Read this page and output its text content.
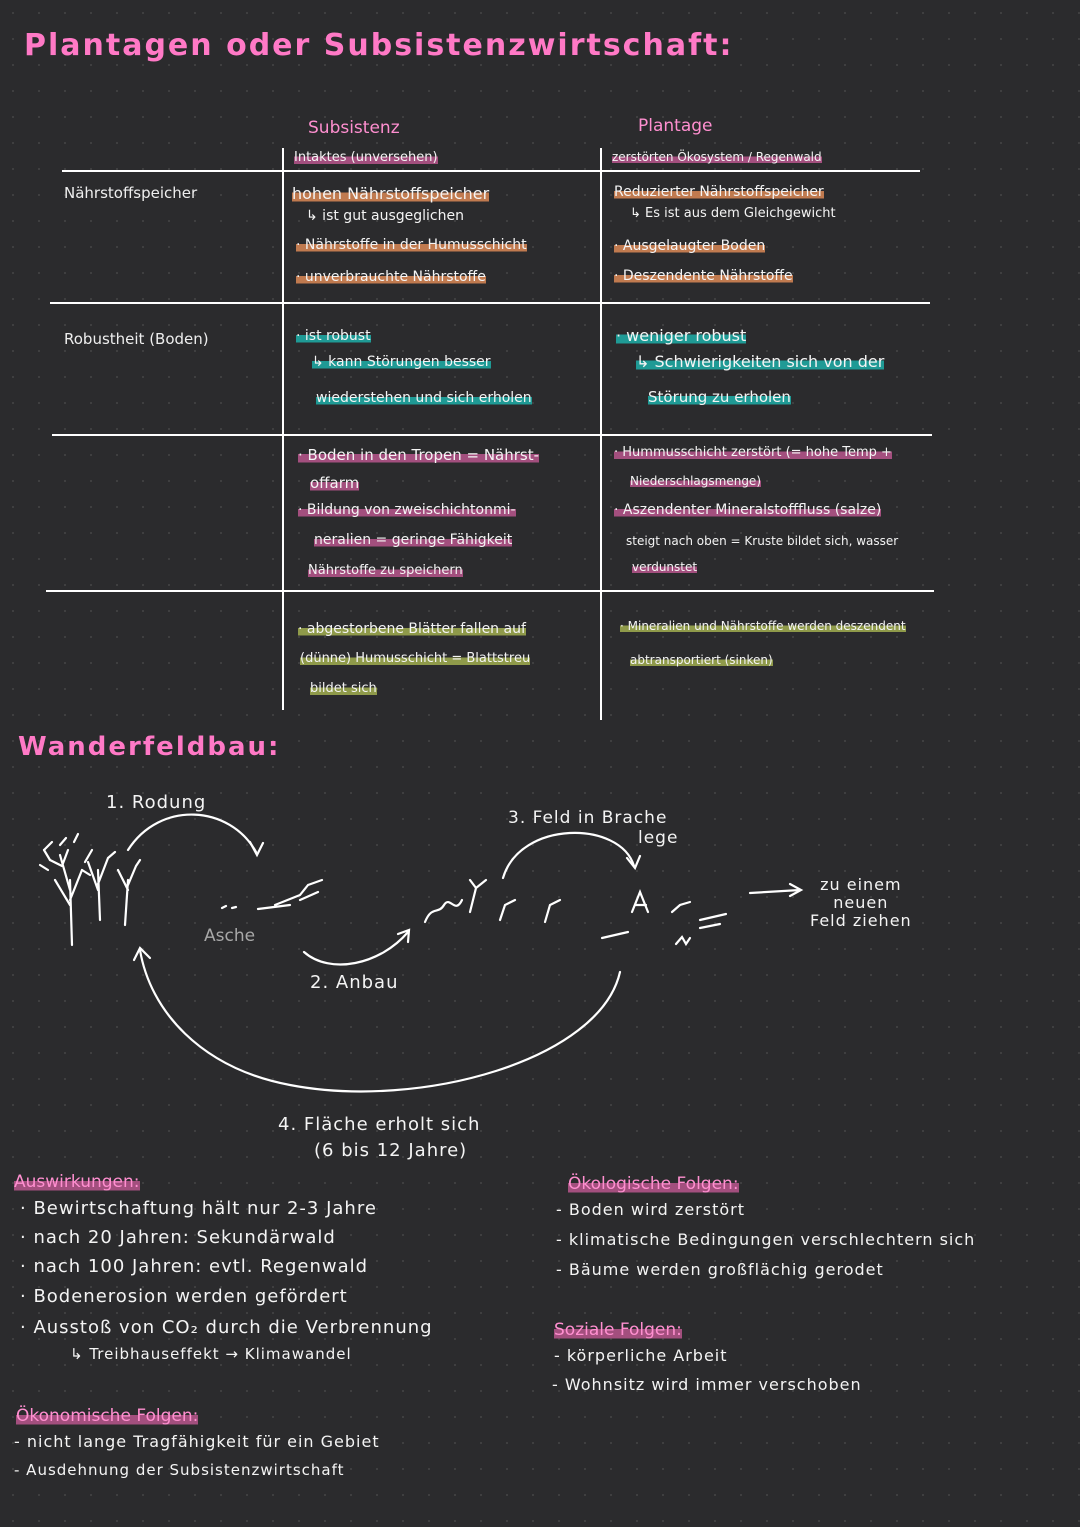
Plantagen oder Subsistenzwirtschaft:
Subsistenz	Plantage
Intaktes (unversehen)	zerstörten Ökosystem / Regenwald
Nährstoffspeicher
Robustheit (Boden)
hohen Nährstoffspeicher
↳ ist gut ausgeglichen
· Nährstoffe in der Humusschicht
· unverbrauchte Nährstoffe
Reduzierter Nährstoffspeicher
↳ Es ist aus dem Gleichgewicht
· Ausgelaugter Boden
· Deszendente Nährstoffe
· ist robust
↳ kann Störungen besser
wiederstehen und sich erholen
· weniger robust
↳ Schwierigkeiten sich von der
Störung zu erholen
· Boden in den Tropen = Nährst-
offarm
· Bildung von zweischichtonmi-
neralien = geringe Fähigkeit
Nährstoffe zu speichern
· Hummusschicht zerstört (= hohe Temp +
Niederschlagsmenge)
· Aszendenter Mineralstofffluss (salze)
steigt nach oben = Kruste bildet sich, wasser
verdunstet
· abgestorbene Blätter fallen auf
(dünne) Humusschicht = Blattstreu
bildet sich
· Mineralien und Nährstoffe werden deszendent
abtransportiert (sinken)
Wanderfeldbau:
1. Rodung
Asche
2. Anbau
3. Feld in Brache
lege
zu einem
neuen
Feld ziehen
4. Fläche erholt sich
(6 bis 12 Jahre)
Auswirkungen:
· Bewirtschaftung hält nur 2-3 Jahre
· nach 20 Jahren: Sekundärwald
· nach 100 Jahren: evtl. Regenwald
· Bodenerosion werden gefördert
· Ausstoß von CO₂ durch die Verbrennung
↳ Treibhauseffekt → Klimawandel
Ökologische Folgen:
- Boden wird zerstört
- klimatische Bedingungen verschlechtern sich
- Bäume werden großflächig gerodet
Soziale Folgen:
- körperliche Arbeit
- Wohnsitz wird immer verschoben
Ökonomische Folgen:
- nicht lange Tragfähigkeit für ein Gebiet
- Ausdehnung der Subsistenzwirtschaft
